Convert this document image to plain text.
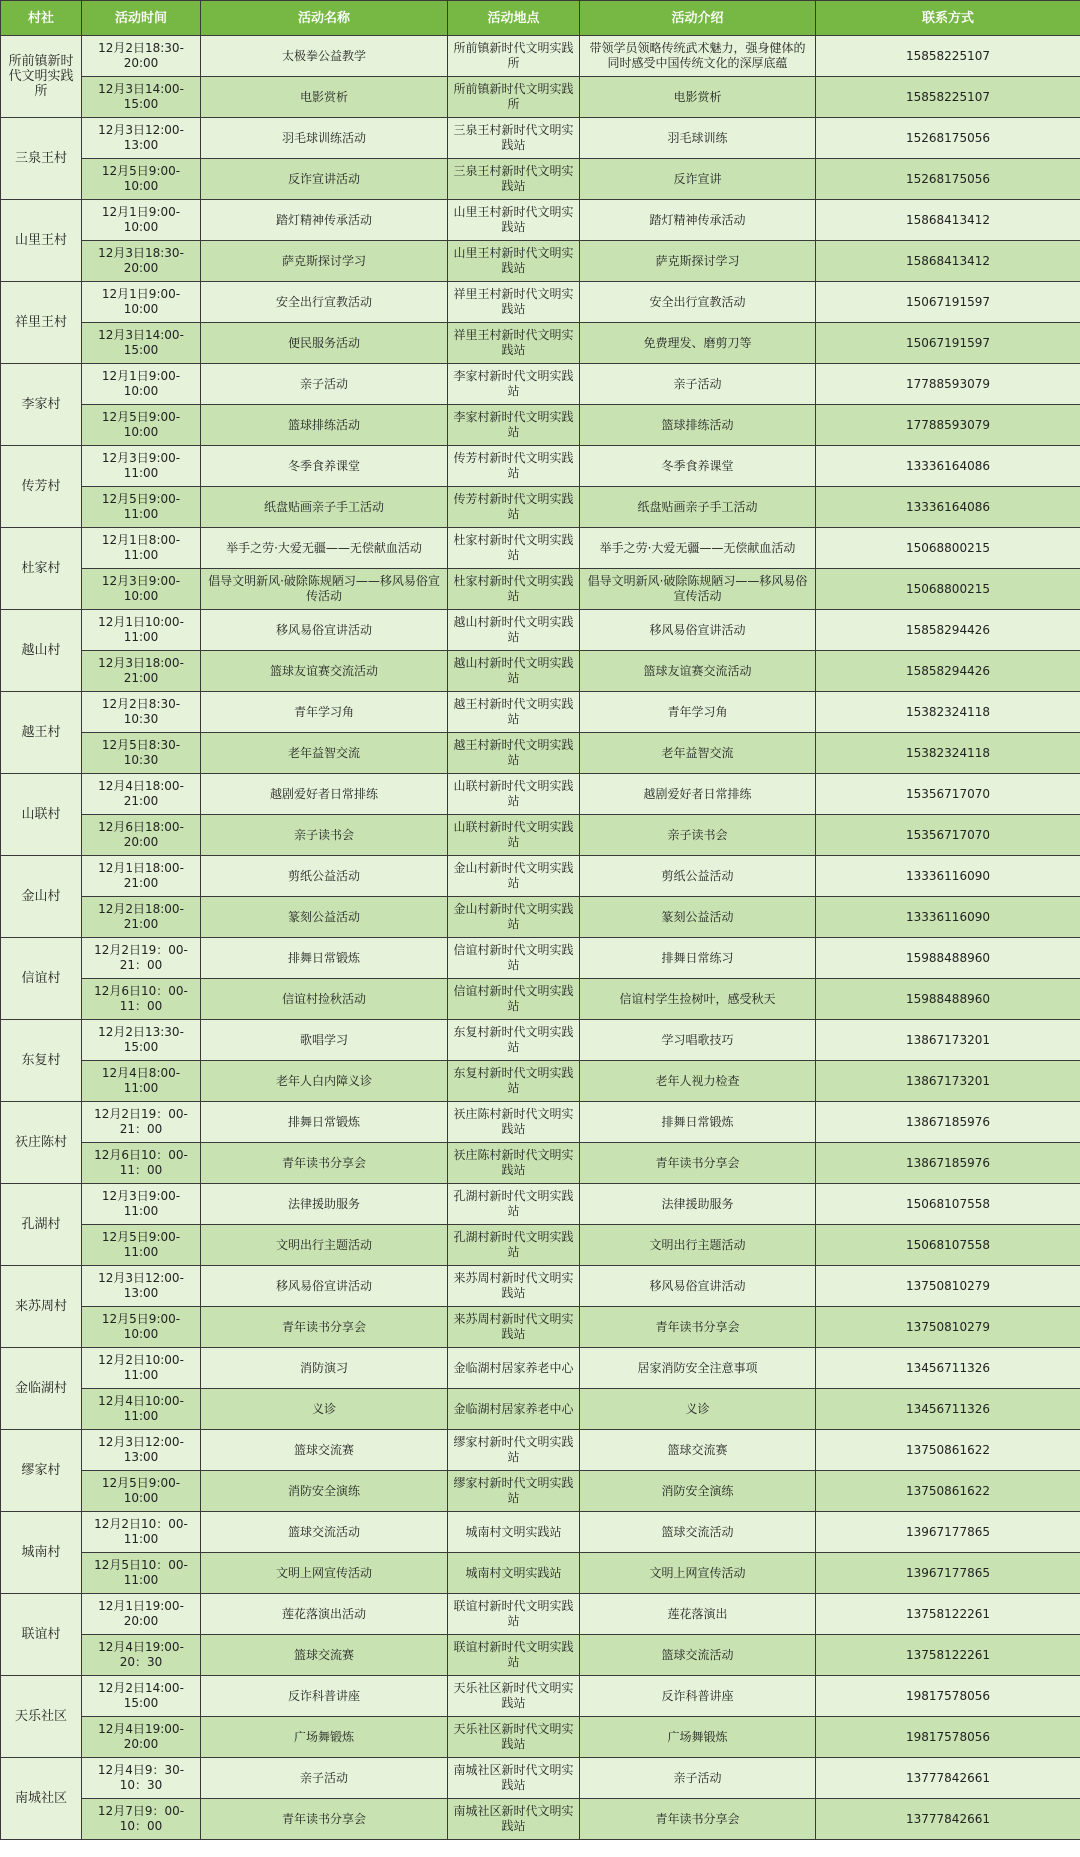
村社	活动时间	活动名称	活动地点	活动介绍	联系方式
所前镇新时代文明实践所	12月2日18:30-20:00	太极拳公益教学	所前镇新时代文明实践所	带领学员领略传统武术魅力，强身健体的同时感受中国传统文化的深厚底蕴	15858225107
	12月3日14:00-15:00	电影赏析	所前镇新时代文明实践所	电影赏析	15858225107
三泉王村	12月3日12:00-13:00	羽毛球训练活动	三泉王村新时代文明实践站	羽毛球训练	15268175056
	12月5日9:00-10:00	反诈宣讲活动	三泉王村新时代文明实践站	反诈宣讲	15268175056
山里王村	12月1日9:00-10:00	踏灯精神传承活动	山里王村新时代文明实践站	踏灯精神传承活动	15868413412
	12月3日18:30-20:00	萨克斯探讨学习	山里王村新时代文明实践站	萨克斯探讨学习	15868413412
祥里王村	12月1日9:00-10:00	安全出行宣教活动	祥里王村新时代文明实践站	安全出行宣教活动	15067191597
	12月3日14:00-15:00	便民服务活动	祥里王村新时代文明实践站	免费理发、磨剪刀等	15067191597
李家村	12月1日9:00-10:00	亲子活动	李家村新时代文明实践站	亲子活动	17788593079
	12月5日9:00-10:00	篮球排练活动	李家村新时代文明实践站	篮球排练活动	17788593079
传芳村	12月3日9:00-11:00	冬季食养课堂	传芳村新时代文明实践站	冬季食养课堂	13336164086
	12月5日9:00-11:00	纸盘贴画亲子手工活动	传芳村新时代文明实践站	纸盘贴画亲子手工活动	13336164086
杜家村	12月1日8:00-11:00	举手之劳·大爱无疆——无偿献血活动	杜家村新时代文明实践站	举手之劳·大爱无疆——无偿献血活动	15068800215
	12月3日9:00-10:00	倡导文明新风·破除陈规陋习——移风易俗宣传活动	杜家村新时代文明实践站	倡导文明新风·破除陈规陋习——移风易俗宣传活动	15068800215
越山村	12月1日10:00-11:00	移风易俗宣讲活动	越山村新时代文明实践站	移风易俗宣讲活动	15858294426
	12月3日18:00-21:00	篮球友谊赛交流活动	越山村新时代文明实践站	篮球友谊赛交流活动	15858294426
越王村	12月2日8:30-10:30	青年学习角	越王村新时代文明实践站	青年学习角	15382324118
	12月5日8:30-10:30	老年益智交流	越王村新时代文明实践站	老年益智交流	15382324118
山联村	12月4日18:00-21:00	越剧爱好者日常排练	山联村新时代文明实践站	越剧爱好者日常排练	15356717070
	12月6日18:00-20:00	亲子读书会	山联村新时代文明实践站	亲子读书会	15356717070
金山村	12月1日18:00-21:00	剪纸公益活动	金山村新时代文明实践站	剪纸公益活动	13336116090
	12月2日18:00-21:00	篆刻公益活动	金山村新时代文明实践站	篆刻公益活动	13336116090
信谊村	12月2日19：00-21：00	排舞日常锻炼	信谊村新时代文明实践站	排舞日常练习	15988488960
	12月6日10：00-11：00	信谊村捡秋活动	信谊村新时代文明实践站	信谊村学生捡树叶，感受秋天	15988488960
东复村	12月2日13:30-15:00	歌唱学习	东复村新时代文明实践站	学习唱歌技巧	13867173201
	12月4日8:00-11:00	老年人白内障义诊	东复村新时代文明实践站	老年人视力检查	13867173201
祆庄陈村	12月2日19：00-21：00	排舞日常锻炼	祆庄陈村新时代文明实践站	排舞日常锻炼	13867185976
	12月6日10：00-11：00	青年读书分享会	祆庄陈村新时代文明实践站	青年读书分享会	13867185976
孔湖村	12月3日9:00-11:00	法律援助服务	孔湖村新时代文明实践站	法律援助服务	15068107558
	12月5日9:00-11:00	文明出行主题活动	孔湖村新时代文明实践站	文明出行主题活动	15068107558
来苏周村	12月3日12:00-13:00	移风易俗宣讲活动	来苏周村新时代文明实践站	移风易俗宣讲活动	13750810279
	12月5日9:00-10:00	青年读书分享会	来苏周村新时代文明实践站	青年读书分享会	13750810279
金临湖村	12月2日10:00-11:00	消防演习	金临湖村居家养老中心	居家消防安全注意事项	13456711326
	12月4日10:00-11:00	义诊	金临湖村居家养老中心	义诊	13456711326
缪家村	12月3日12:00-13:00	篮球交流赛	缪家村新时代文明实践站	篮球交流赛	13750861622
	12月5日9:00-10:00	消防安全演练	缪家村新时代文明实践站	消防安全演练	13750861622
城南村	12月2日10：00-11:00	篮球交流活动	城南村文明实践站	篮球交流活动	13967177865
	12月5日10：00-11:00	文明上网宣传活动	城南村文明实践站	文明上网宣传活动	13967177865
联谊村	12月1日19:00-20:00	莲花落演出活动	联谊村新时代文明实践站	莲花落演出	13758122261
	12月4日19:00-20：30	篮球交流赛	联谊村新时代文明实践站	篮球交流活动	13758122261
天乐社区	12月2日14:00-15:00	反诈科普讲座	天乐社区新时代文明实践站	反诈科普讲座	19817578056
	12月4日19:00-20:00	广场舞锻炼	天乐社区新时代文明实践站	广场舞锻炼	19817578056
南城社区	12月4日9：30-10：30	亲子活动	南城社区新时代文明实践站	亲子活动	13777842661
	12月7日9：00-10：00	青年读书分享会	南城社区新时代文明实践站	青年读书分享会	13777842661
